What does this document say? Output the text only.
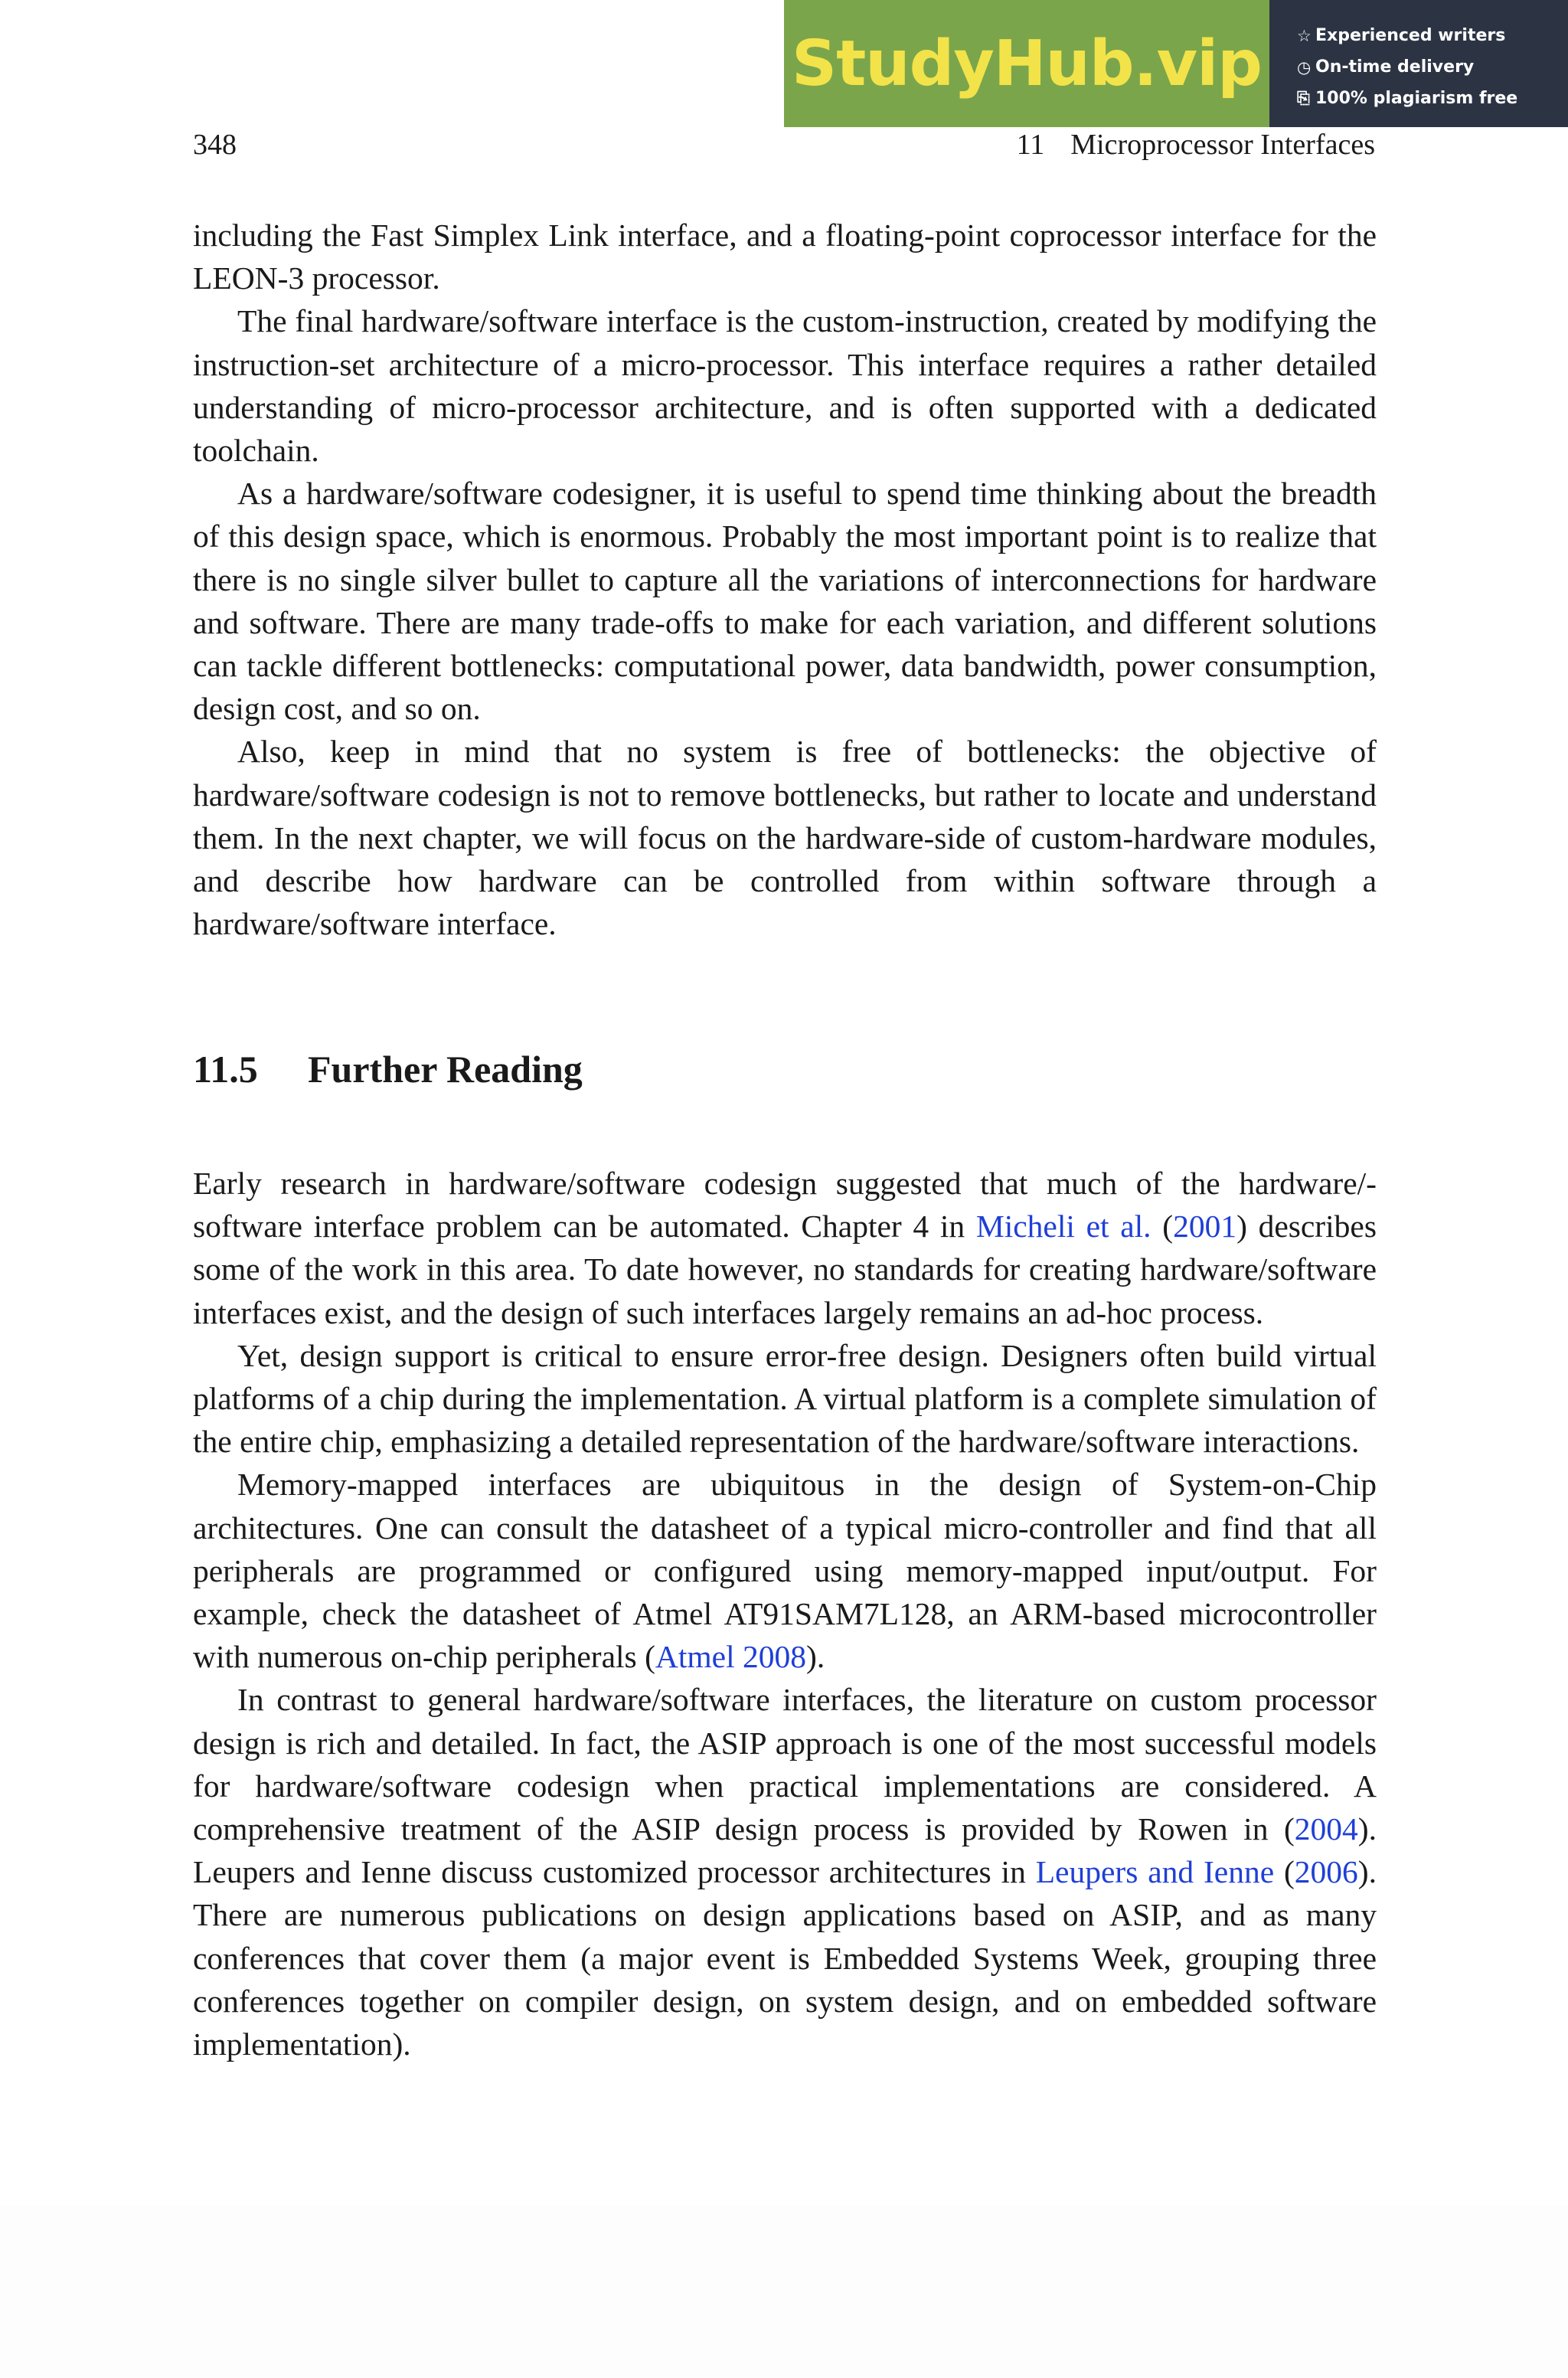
StudyHub.vip	☆ Experienced writers
◷ On-time delivery
⎘ 100% plagiarism free
348	11 Microprocessor Interfaces

including the Fast Simplex Link interface, and a floating-point coprocessor interface for the LEON-3 processor.

The final hardware/software interface is the custom-instruction, created by modifying the instruction-set architecture of a micro-processor. This interface requires a rather detailed understanding of micro-processor architecture, and is often supported with a dedicated toolchain.

As a hardware/software codesigner, it is useful to spend time thinking about the breadth of this design space, which is enormous. Probably the most important point is to realize that there is no single silver bullet to capture all the variations of interconnections for hardware and software. There are many trade-offs to make for each variation, and different solutions can tackle different bottlenecks: computational power, data bandwidth, power consumption, design cost, and so on.

Also, keep in mind that no system is free of bottlenecks: the objective of hardware/software codesign is not to remove bottlenecks, but rather to locate and understand them. In the next chapter, we will focus on the hardware-side of custom-hardware modules, and describe how hardware can be controlled from within software through a hardware/software interface.

11.5 Further Reading

Early research in hardware/software codesign suggested that much of the hardware/-software interface problem can be automated. Chapter 4 in Micheli et al. (2001) describes some of the work in this area. To date however, no standards for creating hardware/software interfaces exist, and the design of such interfaces largely remains an ad-hoc process.

Yet, design support is critical to ensure error-free design. Designers often build virtual platforms of a chip during the implementation. A virtual platform is a complete simulation of the entire chip, emphasizing a detailed representation of the hardware/software interactions.

Memory-mapped interfaces are ubiquitous in the design of System-on-Chip architectures. One can consult the datasheet of a typical micro-controller and find that all peripherals are programmed or configured using memory-mapped input/output. For example, check the datasheet of Atmel AT91SAM7L128, an ARM-based microcontroller with numerous on-chip peripherals (Atmel 2008).

In contrast to general hardware/software interfaces, the literature on custom processor design is rich and detailed. In fact, the ASIP approach is one of the most successful models for hardware/software codesign when practical implementations are considered. A comprehensive treatment of the ASIP design process is provided by Rowen in (2004). Leupers and Ienne discuss customized processor architectures in Leupers and Ienne (2006). There are numerous publications on design applications based on ASIP, and as many conferences that cover them (a major event is Embedded Systems Week, grouping three conferences together on compiler design, on system design, and on embedded software implementation).
